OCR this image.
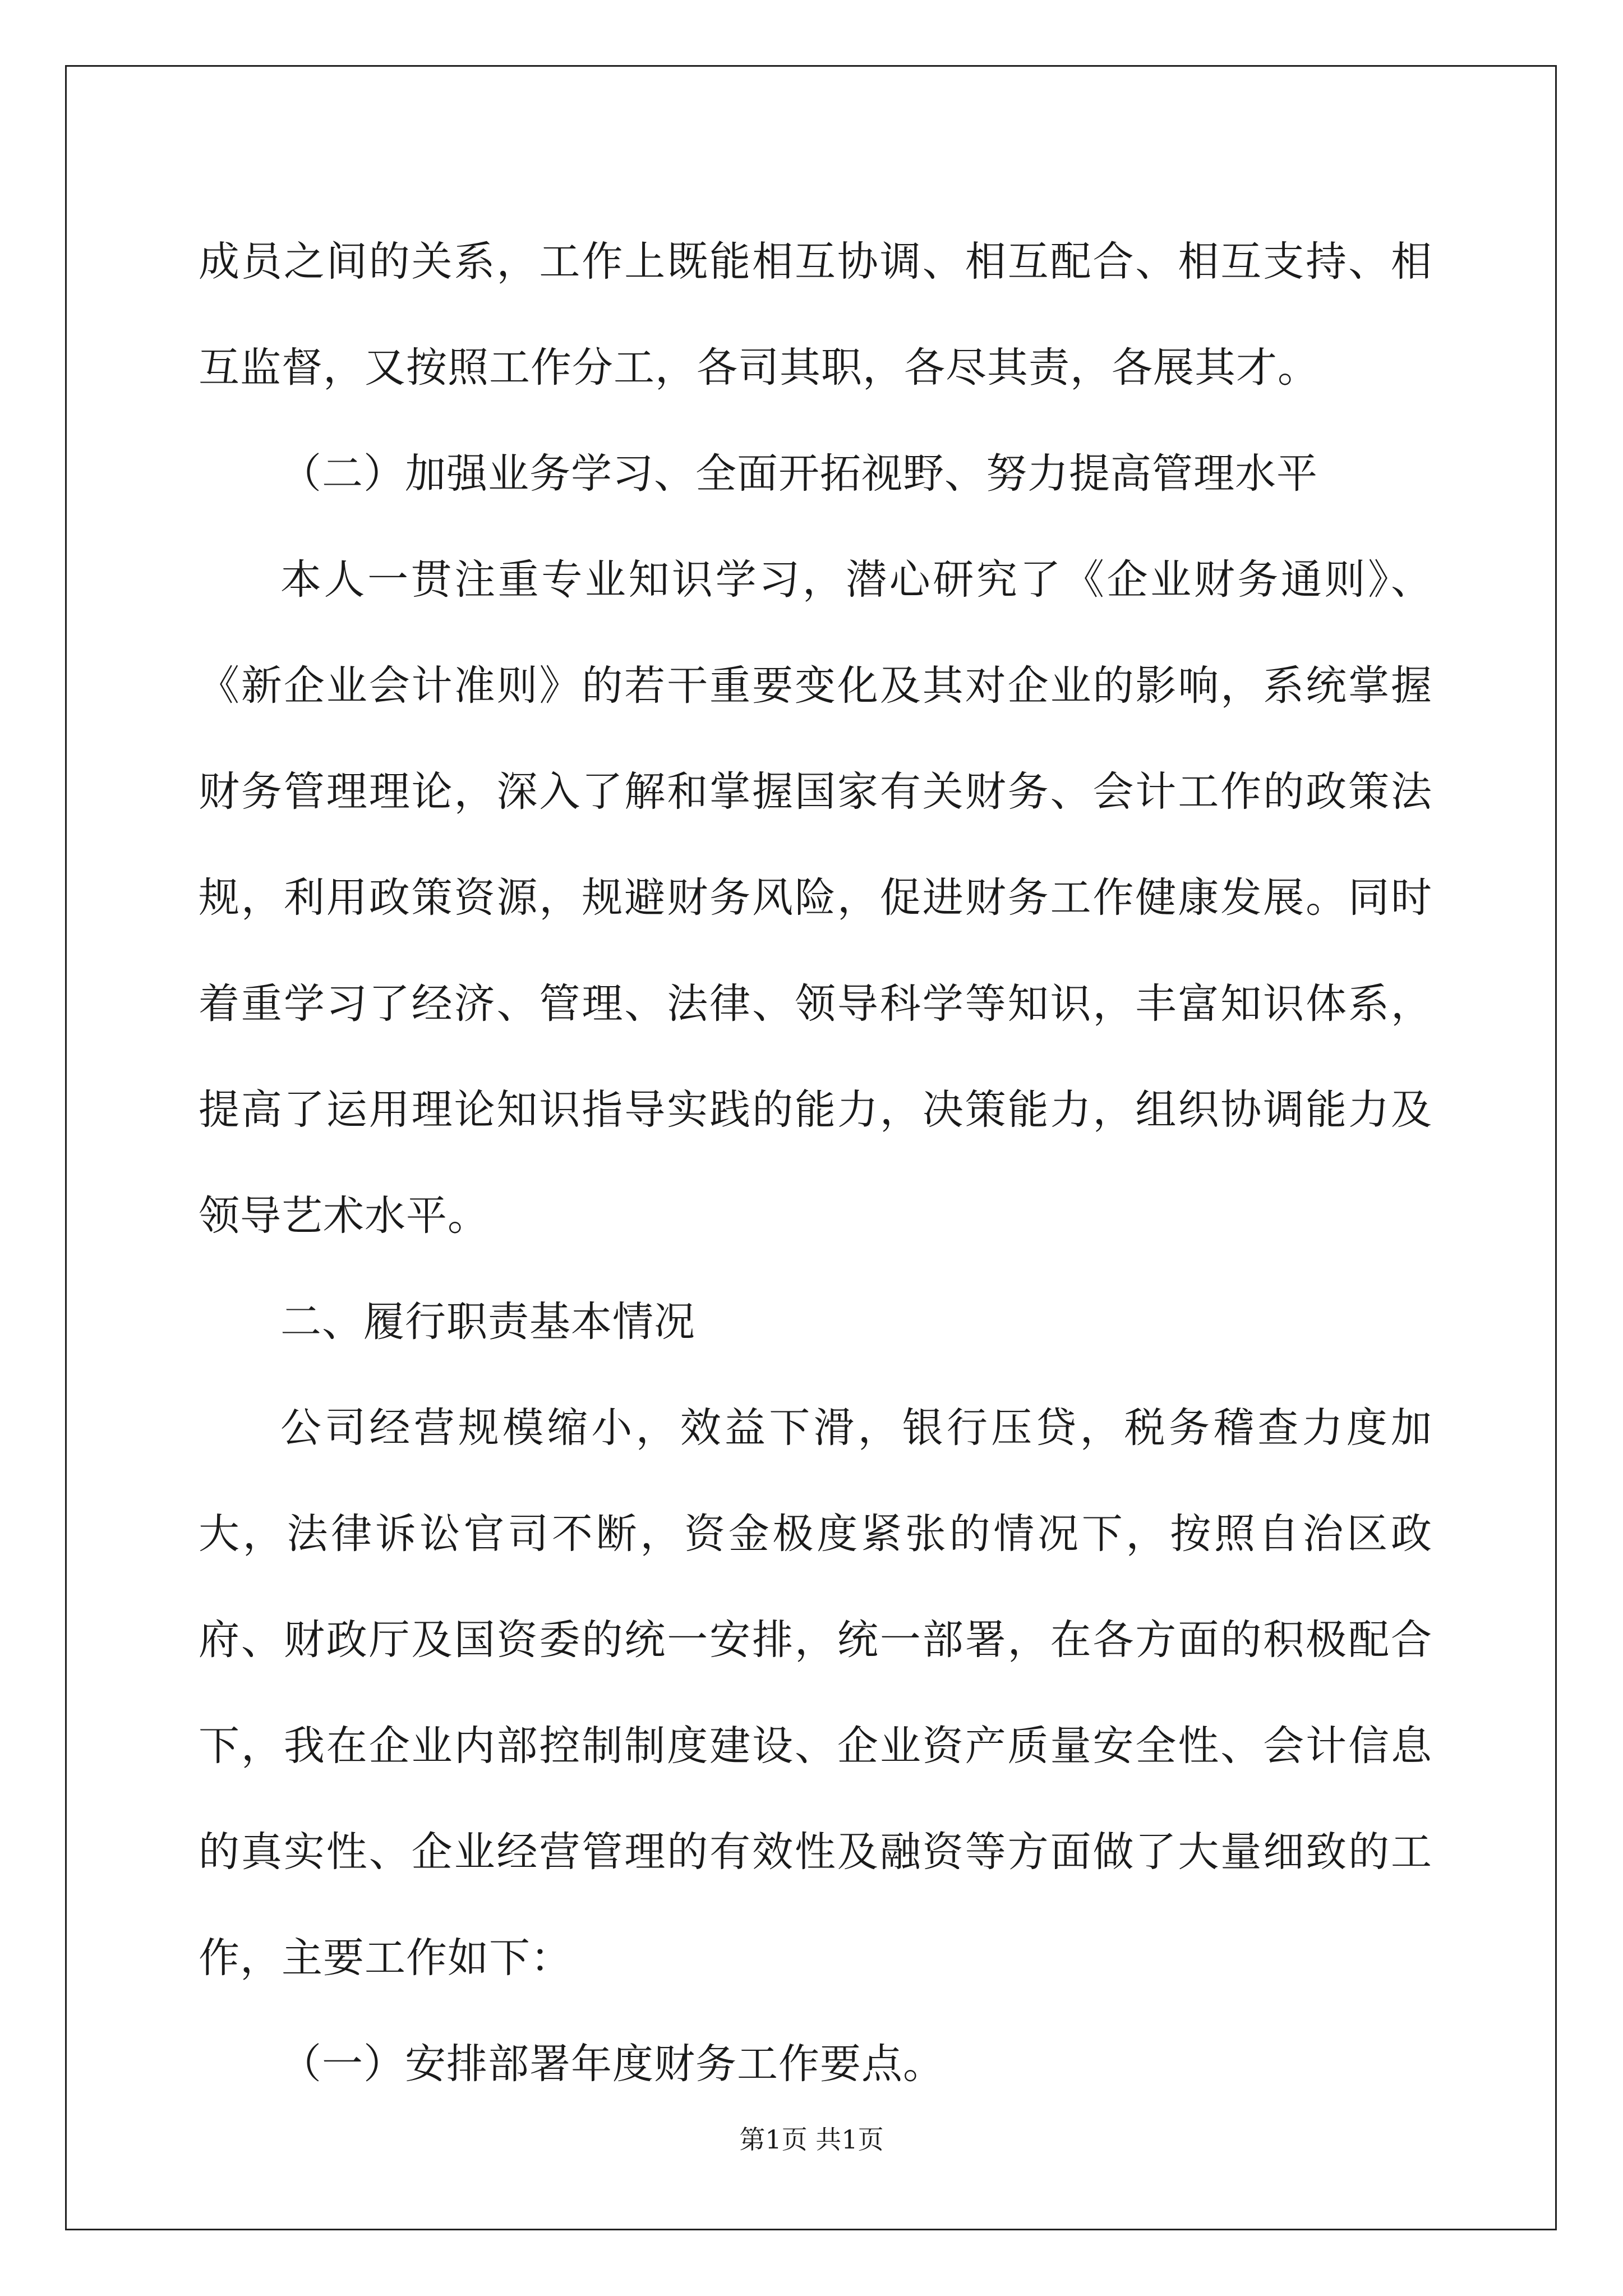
成员之间的关系，工作上既能相互协调、相互配合、相互支持、相互监督，又按照工作分工，各司其职，各尽其责，各展其才。

（二）加强业务学习、全面开拓视野、努力提高管理水平

本人一贯注重专业知识学习，潜心研究了《企业财务通则》、《新企业会计准则》的若干重要变化及其对企业的影响，系统掌握财务管理理论，深入了解和掌握国家有关财务、会计工作的政策法规，利用政策资源，规避财务风险，促进财务工作健康发展。同时着重学习了经济、管理、法律、领导科学等知识，丰富知识体系，提高了运用理论知识指导实践的能力，决策能力，组织协调能力及领导艺术水平。

二、履行职责基本情况

公司经营规模缩小，效益下滑，银行压贷，税务稽查力度加大，法律诉讼官司不断，资金极度紧张的情况下，按照自治区政府、财政厅及国资委的统一安排，统一部署，在各方面的积极配合下，我在企业内部控制制度建设、企业资产质量安全性、会计信息的真实性、企业经营管理的有效性及融资等方面做了大量细致的工作，主要工作如下：

（一）安排部署年度财务工作要点。

第1页 共1页
